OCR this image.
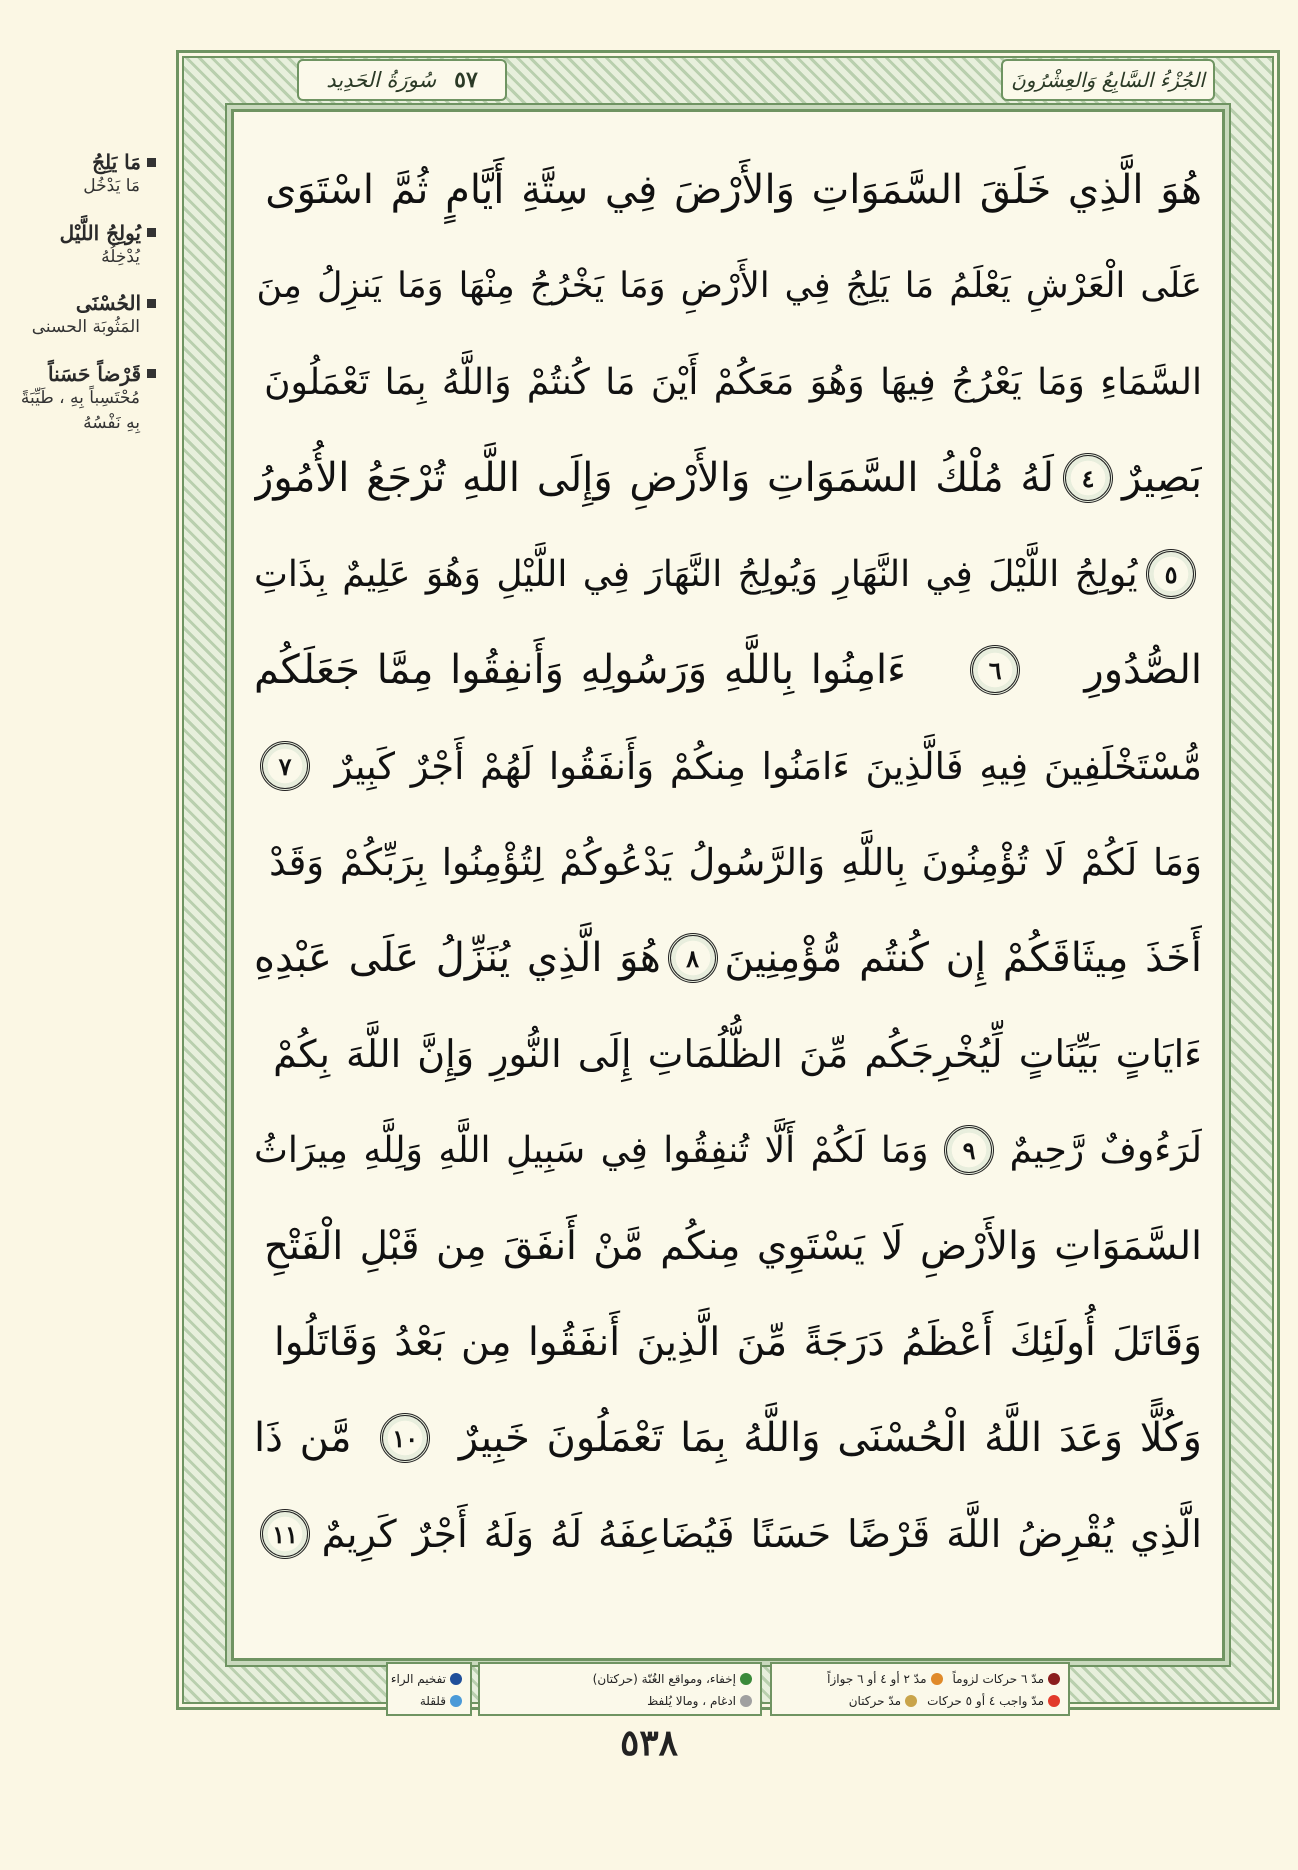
مَا يَلِجُ
مَا يَدْخُل
يُولِجُ اللَّيْل
يُدْخِلُهُ
الحُسْنَى
المَثُوبَة الحسنى
قَرْضاً حَسَناً
مُحْتَسِباً بِهِ ، طَيِّبَةً بِهِ نَفْسُهُ
سُورَةُ الحَدِيد ٥٧	الجُزْءُ السَّابِعُ وَالعِشْرُونَ
هُوَ الَّذِي خَلَقَ السَّمَوَاتِ وَالأَرْضَ فِي سِتَّةِ أَيَّامٍ ثُمَّ اسْتَوَى
عَلَى الْعَرْشِ يَعْلَمُ مَا يَلِجُ فِي الأَرْضِ وَمَا يَخْرُجُ مِنْهَا وَمَا يَنزِلُ مِنَ
السَّمَاءِ وَمَا يَعْرُجُ فِيهَا وَهُوَ مَعَكُمْ أَيْنَ مَا كُنتُمْ وَاللَّهُ بِمَا تَعْمَلُونَ
بَصِيرٌ
٤
لَهُ مُلْكُ السَّمَوَاتِ وَالأَرْضِ وَإِلَى اللَّهِ تُرْجَعُ الأُمُورُ
٥
يُولِجُ اللَّيْلَ فِي النَّهَارِ وَيُولِجُ النَّهَارَ فِي اللَّيْلِ وَهُوَ عَلِيمٌ بِذَاتِ
الصُّدُورِ
٦
ءَامِنُوا بِاللَّهِ وَرَسُولِهِ وَأَنفِقُوا مِمَّا جَعَلَكُم
مُّسْتَخْلَفِينَ فِيهِ فَالَّذِينَ ءَامَنُوا مِنكُمْ وَأَنفَقُوا لَهُمْ أَجْرٌ كَبِيرٌ
٧
وَمَا لَكُمْ لَا تُؤْمِنُونَ بِاللَّهِ وَالرَّسُولُ يَدْعُوكُمْ لِتُؤْمِنُوا بِرَبِّكُمْ وَقَدْ
أَخَذَ مِيثَاقَكُمْ إِن كُنتُم مُّؤْمِنِينَ
٨
هُوَ الَّذِي يُنَزِّلُ عَلَى عَبْدِهِ
ءَايَاتٍ بَيِّنَاتٍ لِّيُخْرِجَكُم مِّنَ الظُّلُمَاتِ إِلَى النُّورِ وَإِنَّ اللَّهَ بِكُمْ
لَرَءُوفٌ رَّحِيمٌ
٩
وَمَا لَكُمْ أَلَّا تُنفِقُوا فِي سَبِيلِ اللَّهِ وَلِلَّهِ مِيرَاثُ
السَّمَوَاتِ وَالأَرْضِ لَا يَسْتَوِي مِنكُم مَّنْ أَنفَقَ مِن قَبْلِ الْفَتْحِ
وَقَاتَلَ أُولَئِكَ أَعْظَمُ دَرَجَةً مِّنَ الَّذِينَ أَنفَقُوا مِن بَعْدُ وَقَاتَلُوا
وَكُلًّا وَعَدَ اللَّهُ الْحُسْنَى وَاللَّهُ بِمَا تَعْمَلُونَ خَبِيرٌ
١٠
مَّن ذَا
الَّذِي يُقْرِضُ اللَّهَ قَرْضًا حَسَنًا فَيُضَاعِفَهُ لَهُ وَلَهُ أَجْرٌ كَرِيمٌ
١١
مدّ ٦ حركات لزوماً
مدّ ٢ أو ٤ أو ٦ جوازاً
مدّ واجب ٤ أو ٥ حركات
مدّ حركتان
إخفاء، ومواقع الغُنّة (حركتان)
ادغام ، ومالا يُلفظ
تفخيم الراء
قلقلة
٥٣٨
